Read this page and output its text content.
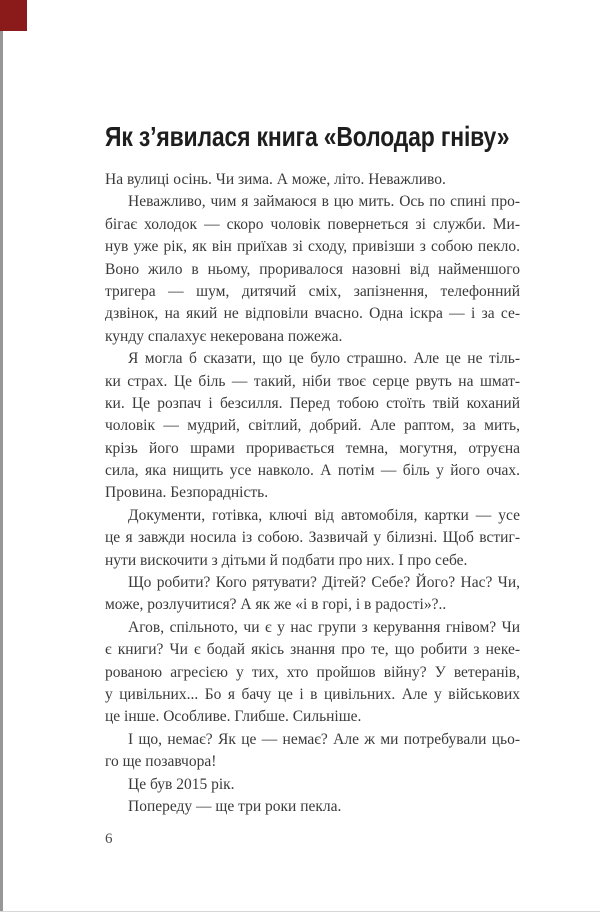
Як з’явилася книга «Володар гніву»
На вулиці осінь. Чи зима. А може, літо. Неважливо.
Неважливо, чим я займаюся в цю мить. Ось по спині про-
бігає холодок — скоро чоловік повернеться зі служби. Ми-
нув уже рік, як він приїхав зі сходу, привізши з собою пекло.
Воно жило в ньому, проривалося назовні від найменшого
тригера — шум, дитячий сміх, запізнення, телефонний
дзвінок, на який не відповіли вчасно. Одна іскра — і за се-
кунду спалахує некерована пожежа.
Я могла б сказати, що це було страшно. Але це не тіль-
ки страх. Це біль — такий, ніби твоє серце рвуть на шмат-
ки. Це розпач і безсилля. Перед тобою стоїть твій коханий
чоловік — мудрий, світлий, добрий. Але раптом, за мить,
крізь його шрами проривається темна, могутня, отруєна
сила, яка нищить усе навколо. А потім — біль у його очах.
Провина. Безпорадність.
Документи, готівка, ключі від автомобіля, картки — усе
це я завжди носила із собою. Зазвичай у білизні. Щоб встиг-
нути вискочити з дітьми й подбати про них. І про себе.
Що робити? Кого рятувати? Дітей? Себе? Його? Нас? Чи,
може, розлучитися? А як же «і в горі, і в радості»?..
Агов, спільното, чи є у нас групи з керування гнівом? Чи
є книги? Чи є бодай якісь знання про те, що робити з неке-
рованою агресією у тих, хто пройшов війну? У ветеранів,
у цивільних... Бо я бачу це і в цивільних. Але у військових
це інше. Особливе. Глибше. Сильніше.
І що, немає? Як це — немає? Але ж ми потребували цьо-
го ще позавчора!
Це був 2015 рік.
Попереду — ще три роки пекла.
6
